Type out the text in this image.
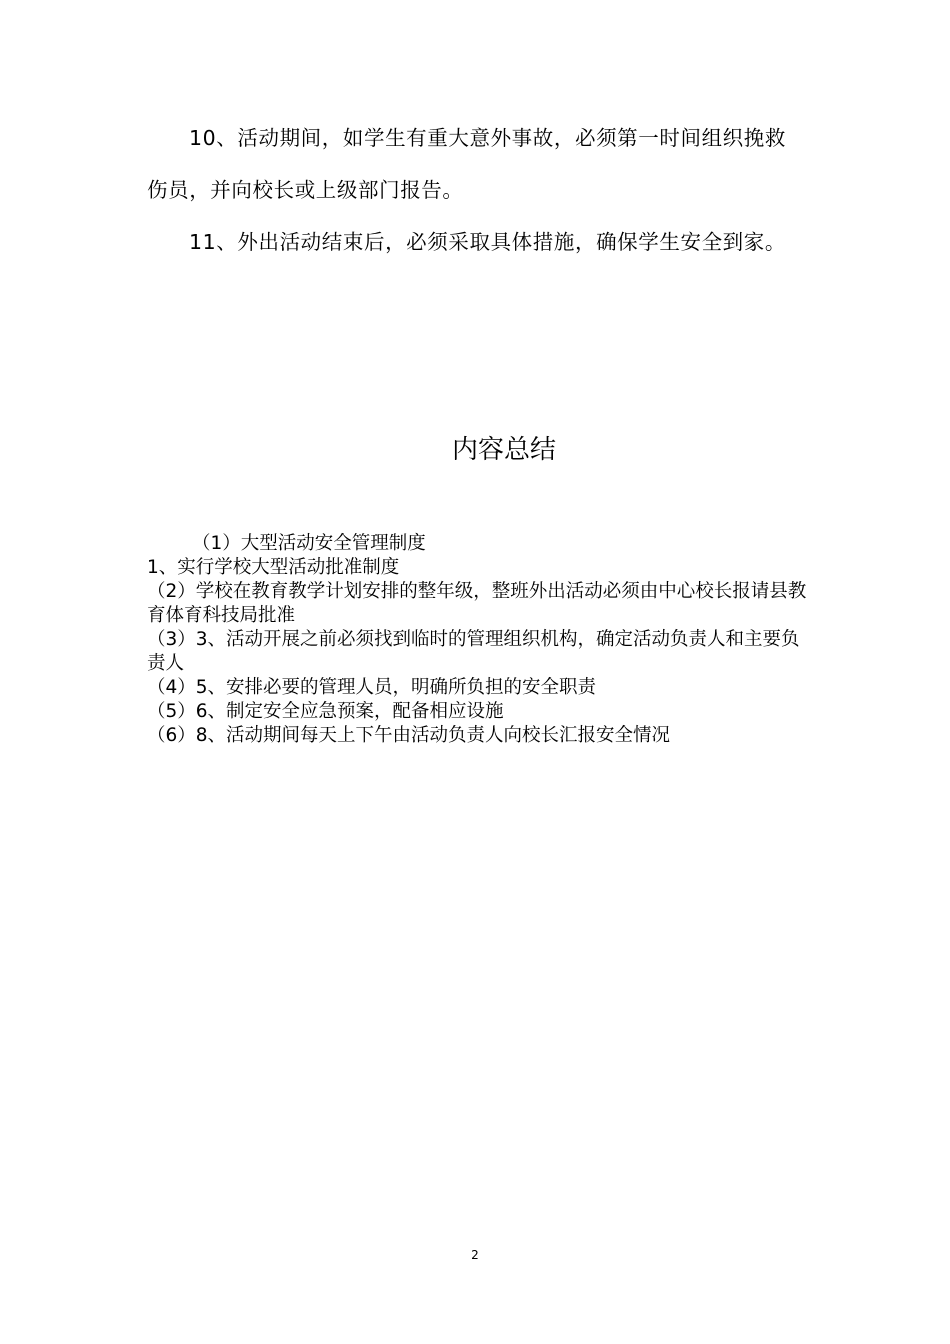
10、活动期间，如学生有重大意外事故，必须第一时间组织挽救伤员，并向校长或上级部门报告。

11、外出活动结束后，必须采取具体措施，确保学生安全到家。

内容总结
（1）大型活动安全管理制度
1、实行学校大型活动批准制度
（2）学校在教育教学计划安排的整年级，整班外出活动必须由中心校长报请县教育体育科技局批准
（3）3、活动开展之前必须找到临时的管理组织机构，确定活动负责人和主要负责人
（4）5、安排必要的管理人员，明确所负担的安全职责
（5）6、制定安全应急预案，配备相应设施
（6）8、活动期间每天上下午由活动负责人向校长汇报安全情况
2
